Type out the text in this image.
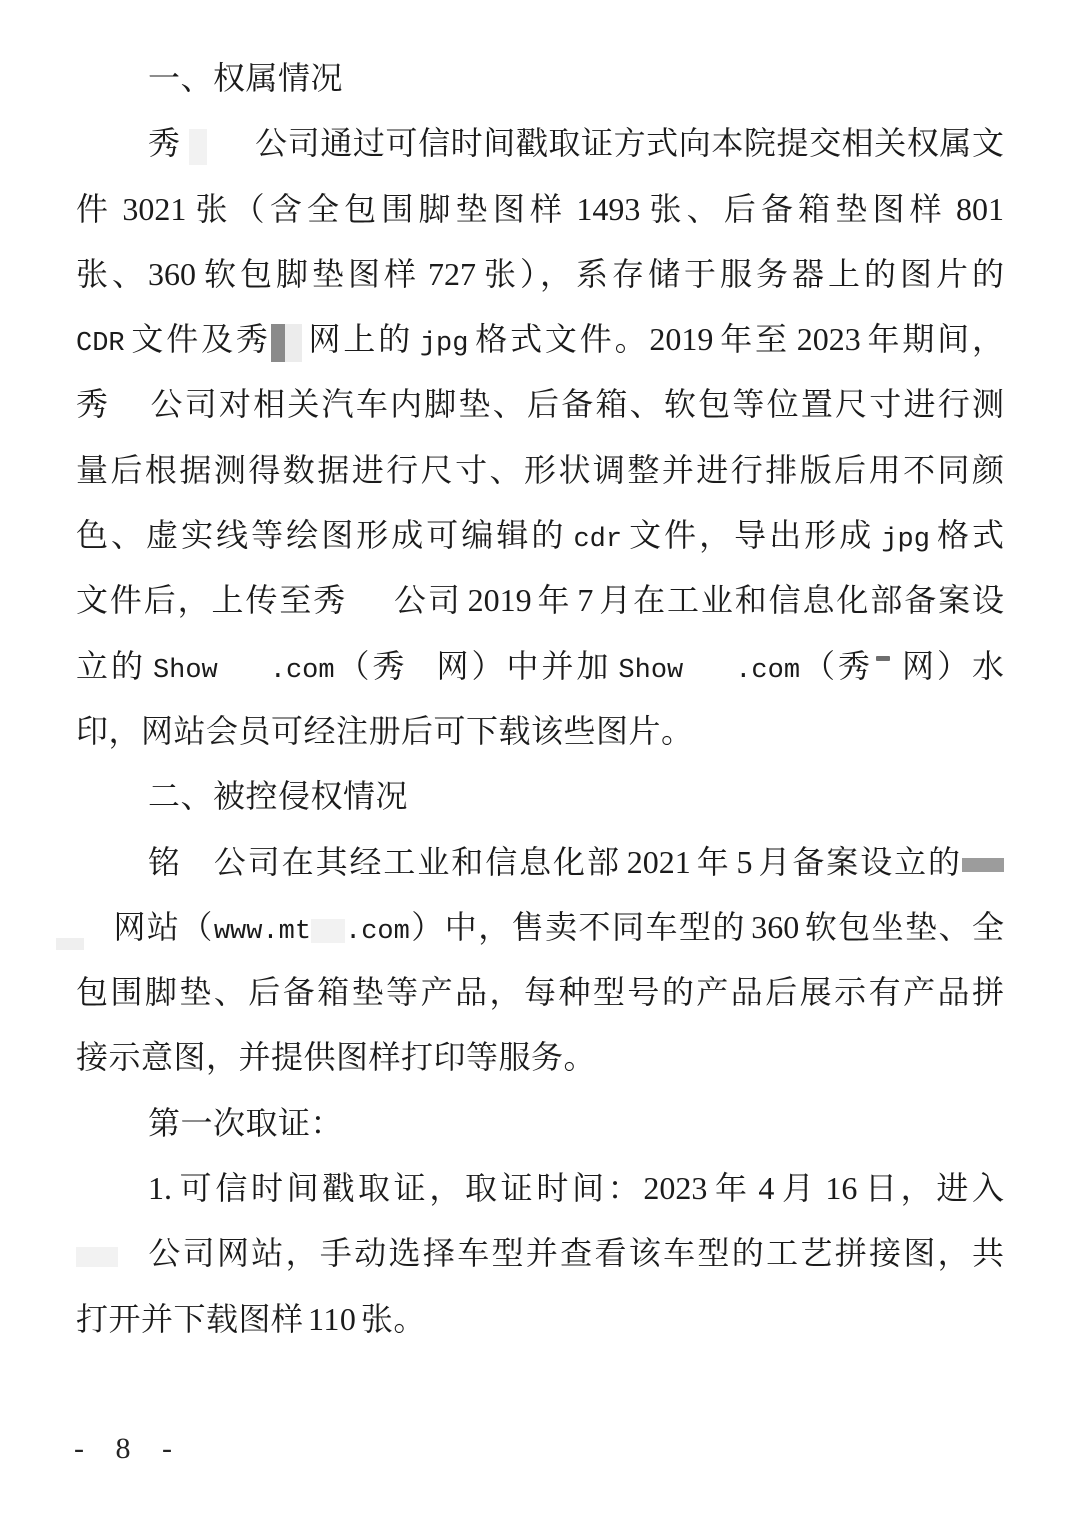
一、权属情况
秀 公司通过可信时间戳取证方式向本院提交相关权属文
件 3021 张（含全包围脚垫图样 1493 张、后备箱垫图样 801
张、360 软包脚垫图样 727 张），系存储于服务器上的图片的
CDR 文件及秀 网上的 jpg 格式文件。2019 年至 2023 年期间，
秀 公司对相关汽车内脚垫、后备箱、软包等位置尺寸进行测
量后根据测得数据进行尺寸、形状调整并进行排版后用不同颜
色、虚实线等绘图形成可编辑的 cdr 文件，导出形成 jpg 格式
文件后，上传至秀 公司 2019 年 7 月在工业和信息化部备案设
立的 Show .com（秀 网）中并加 Show .com（秀 网）水
印，网站会员可经注册后可下载该些图片。
二、被控侵权情况
铭 公司在其经工业和信息化部 2021 年 5 月备案设立的
网站（www.mt .com）中，售卖不同车型的 360 软包坐垫、全
包围脚垫、后备箱垫等产品，每种型号的产品后展示有产品拼
接示意图，并提供图样打印等服务。
第一次取证：
1. 可信时间戳取证，取证时间：2023 年 4 月 16 日，进入
公司网站，手动选择车型并查看该车型的工艺拼接图，共
打开并下载图样 110 张。
- 8 -
